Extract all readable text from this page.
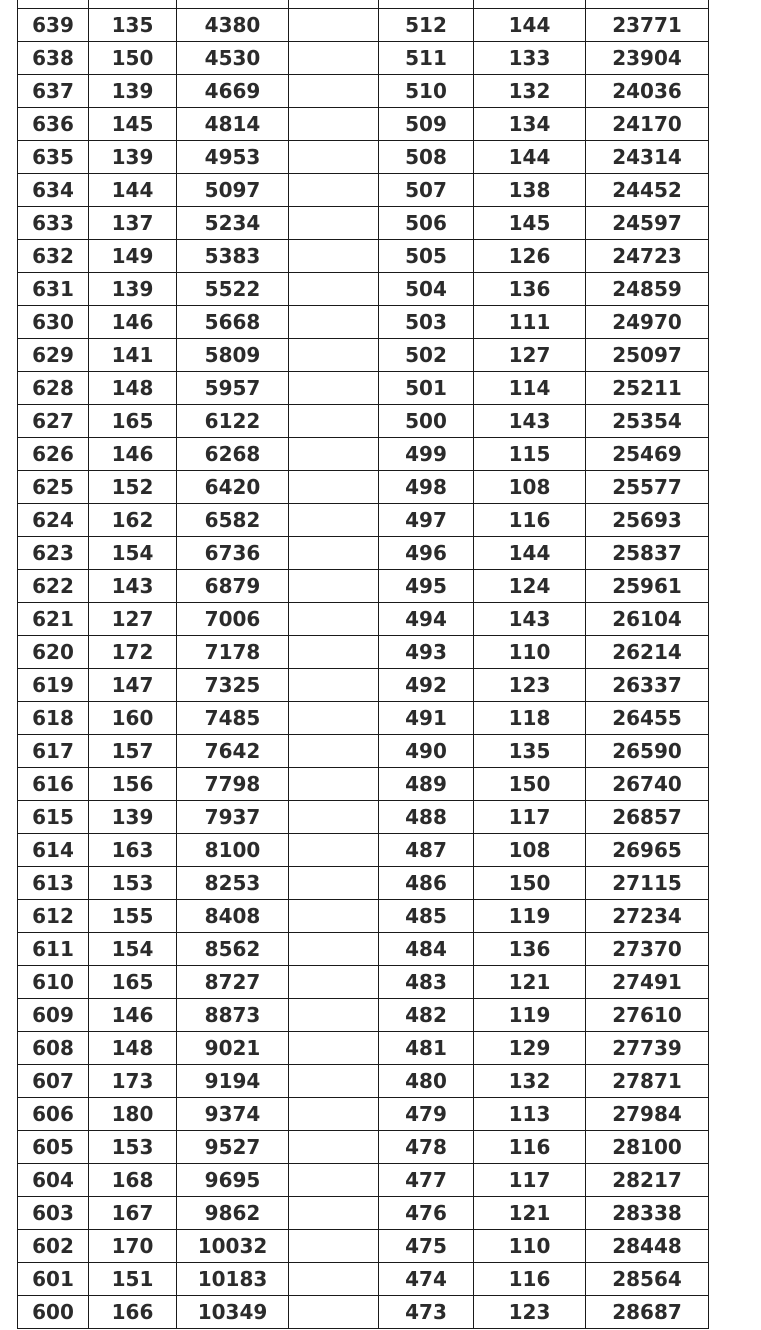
639	135	4380		512	144	23771
638	150	4530		511	133	23904
637	139	4669		510	132	24036
636	145	4814		509	134	24170
635	139	4953		508	144	24314
634	144	5097		507	138	24452
633	137	5234		506	145	24597
632	149	5383		505	126	24723
631	139	5522		504	136	24859
630	146	5668		503	111	24970
629	141	5809		502	127	25097
628	148	5957		501	114	25211
627	165	6122		500	143	25354
626	146	6268		499	115	25469
625	152	6420		498	108	25577
624	162	6582		497	116	25693
623	154	6736		496	144	25837
622	143	6879		495	124	25961
621	127	7006		494	143	26104
620	172	7178		493	110	26214
619	147	7325		492	123	26337
618	160	7485		491	118	26455
617	157	7642		490	135	26590
616	156	7798		489	150	26740
615	139	7937		488	117	26857
614	163	8100		487	108	26965
613	153	8253		486	150	27115
612	155	8408		485	119	27234
611	154	8562		484	136	27370
610	165	8727		483	121	27491
609	146	8873		482	119	27610
608	148	9021		481	129	27739
607	173	9194		480	132	27871
606	180	9374		479	113	27984
605	153	9527		478	116	28100
604	168	9695		477	117	28217
603	167	9862		476	121	28338
602	170	10032		475	110	28448
601	151	10183		474	116	28564
600	166	10349		473	123	28687
